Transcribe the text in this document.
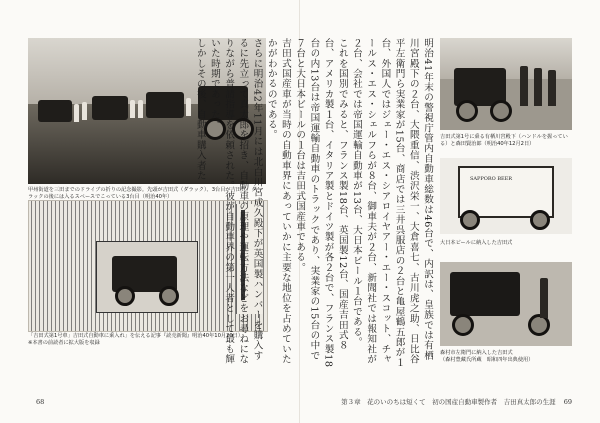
甲州街道を三田までのドライブの折りの記念撮影。先頭が吉田式（ダラック）、3台目が吉田式。ダ
ラックの後には入るスペースでこっている3台目（明治40年）
「吉田式第1号車」吉田式自動車に乗入れ」を伝える記事『読売新聞』明治40年10月20日）
※本書の前読者に拡大版を収録
68

明治41年末の警視庁管内自動車総数は46台で、内訳は、皇族では有栖川宮殿下の２台、大隈重信、渋沢栄一、大倉喜七、古川虎之助、日比谷平左衛門ら実業家が15台、商店では三井呉服店の２台と亀屋鶴五郎が１台、外国人ではジェー・エス・シアロイヤアー・エー・スコット、チャールス・エス・シェルフらが８台、御車夫が２台、新聞社では報知社が２台、会社では帝国運輸自動車が13台、大日本ビール１台である。

これを国別でみると、フランス製18台、英国製12台、国産吉田式８台、アメリカ製１台、イタリア製とドイツ製が各２台で、フランス製18台の内13台は帝国運輸自動車のトラックであり、実業家の15台の中で７台と大日本ビールの１台は吉田式国産車である。

吉田式国産車が当時の自動車界にあっていかに主要な地位を占めていたかがわかるのである。

さらに明治42年11月には北白川宮成久殿下が英国製ハンバーを購入するに先立って真太郎を招き、自動車の原理や運転方法などをお尋ねになりながら普請指導を依頼された。彼が自動車界の第一人者として最も輝いた時期であった。

しかしその後、自動車購入者た	吉田式第1号に乗る有栖川宮殿下（ハンドルを握ってい
る）と森田賢治郎（明治40年12月2日）
SAPPORO BEER
大日本ビールに納入した吉田式
森村市左衛門に納入した吉田式
（森村豊藏氏所蔵　昭和四年出典使用）
第３章　花のいのちは短くて　初の国産自動車製作者　吉田真太郎の生涯 69
